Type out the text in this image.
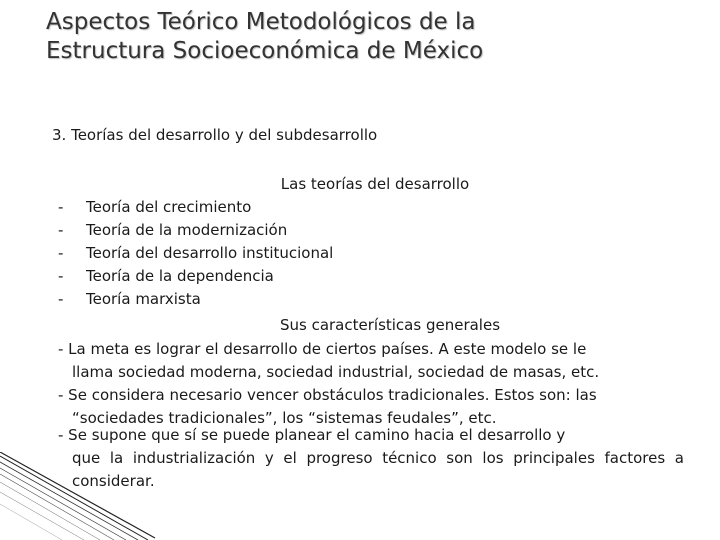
Aspectos Teórico Metodológicos de la
Estructura Socioeconómica de México
3. Teorías del desarrollo y del subdesarrollo
Las teorías del desarrollo
- Teoría del crecimiento
- Teoría de la modernización
- Teoría del desarrollo institucional
- Teoría de la dependencia
- Teoría marxista
Sus características generales
- La meta es lograr el desarrollo de ciertos países. A este modelo se le
llama sociedad moderna, sociedad industrial, sociedad de masas, etc.
- Se considera necesario vencer obstáculos tradicionales. Estos son: las
“sociedades tradicionales”, los “sistemas feudales”, etc.
- Se supone que sí se puede planear el camino hacia el desarrollo y
que la industrialización y el progreso técnico son los principales factores a considerar.
